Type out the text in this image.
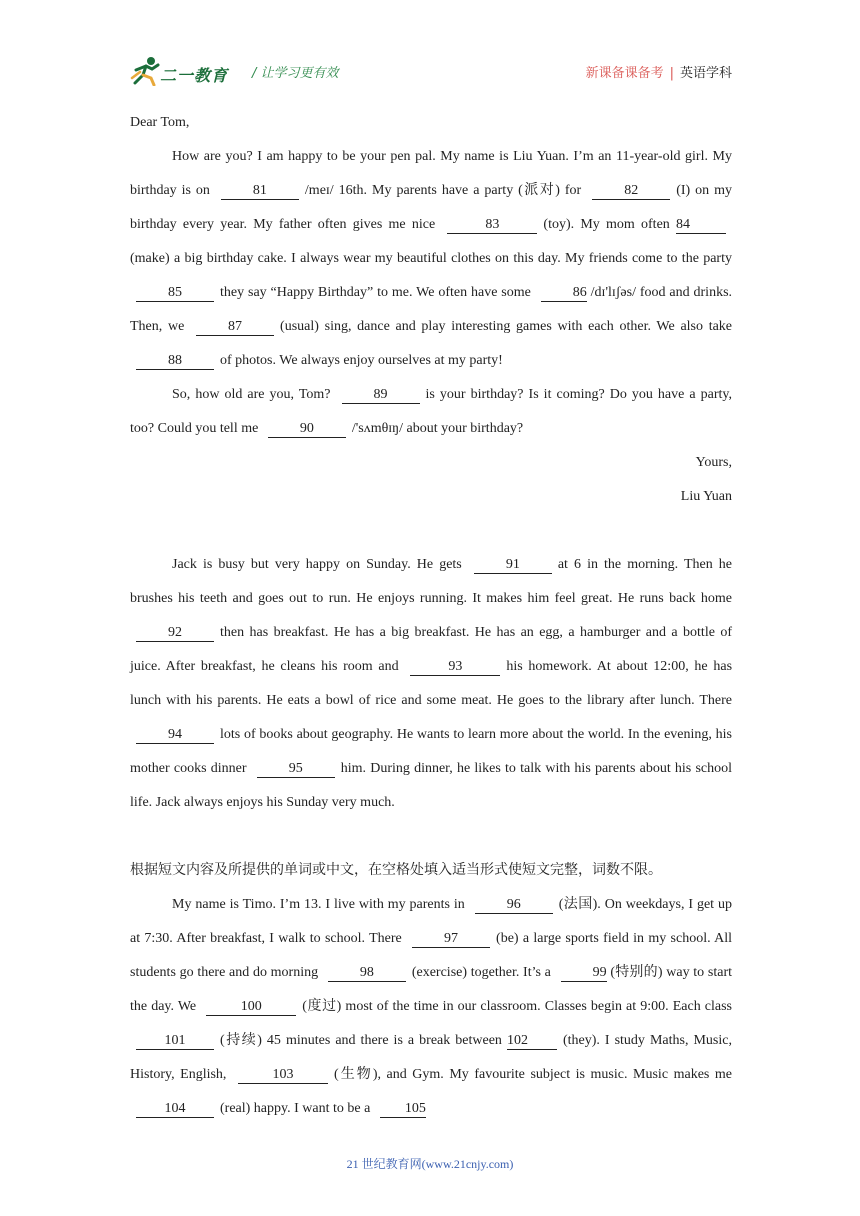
二一教育 / 让学习更有效	新课备课备考 | 英语学科

Dear Tom,

How are you? I am happy to be your pen pal. My name is Liu Yuan. I’m an 11-year-old girl. My birthday is on	81	/meɪ/ 16th. My parents have a party (派对) for	82	(I) on my birthday every year. My father often gives me nice	83	(toy). My mom often 84(make) a big birthday cake. I always wear my beautiful clothes on this day. My friends come to the party 85	they say “Happy Birthday” to me. We often have some	86 /dɪ'lɪʃəs/ food and drinks. Then, we	87	(usual) sing, dance and play interesting games with each other. We also take 88	of photos. We always enjoy ourselves at my party!

So, how old are you, Tom?	89	is your birthday? Is it coming? Do you have a party, too? Could you tell me	90	/'sʌmθɪŋ/ about your birthday?

Yours,

Liu Yuan

Jack is busy but very happy on Sunday. He gets	91	at 6 in the morning. Then he brushes his teeth and goes out to run. He enjoys running. It makes him feel great. He runs back home 92	then has breakfast. He has a big breakfast. He has an egg, a hamburger and a bottle of juice. After breakfast, he cleans his room and	93	his homework. At about 12:00, he has lunch with his parents. He eats a bowl of rice and some meat. He goes to the library after lunch. There 94	lots of books about geography. He wants to learn more about the world. In the evening, his mother cooks dinner	95	him. During dinner, he likes to talk with his parents about his school life. Jack always enjoys his Sunday very much.

根据短文内容及所提供的单词或中文，在空格处填入适当形式使短文完整，词数不限。

My name is Timo. I’m 13. I live with my parents in	96	(法国). On weekdays, I get up at 7:30. After breakfast, I walk to school. There	97	(be) a large sports field in my school. All students go there and do morning	98	(exercise) together. It’s a	99 (特别的) way to start the day. We	100	(度过) most of the time in our classroom. Classes begin at 9:00. Each class 101 (持续) 45 minutes and there is a break between 102	(they). I study Maths, Music, History, English,	103	(生物), and Gym. My favourite subject is music. Music makes me 104 (real) happy. I want to be a 105

21 世纪教育网(www.21cnjy.com)
